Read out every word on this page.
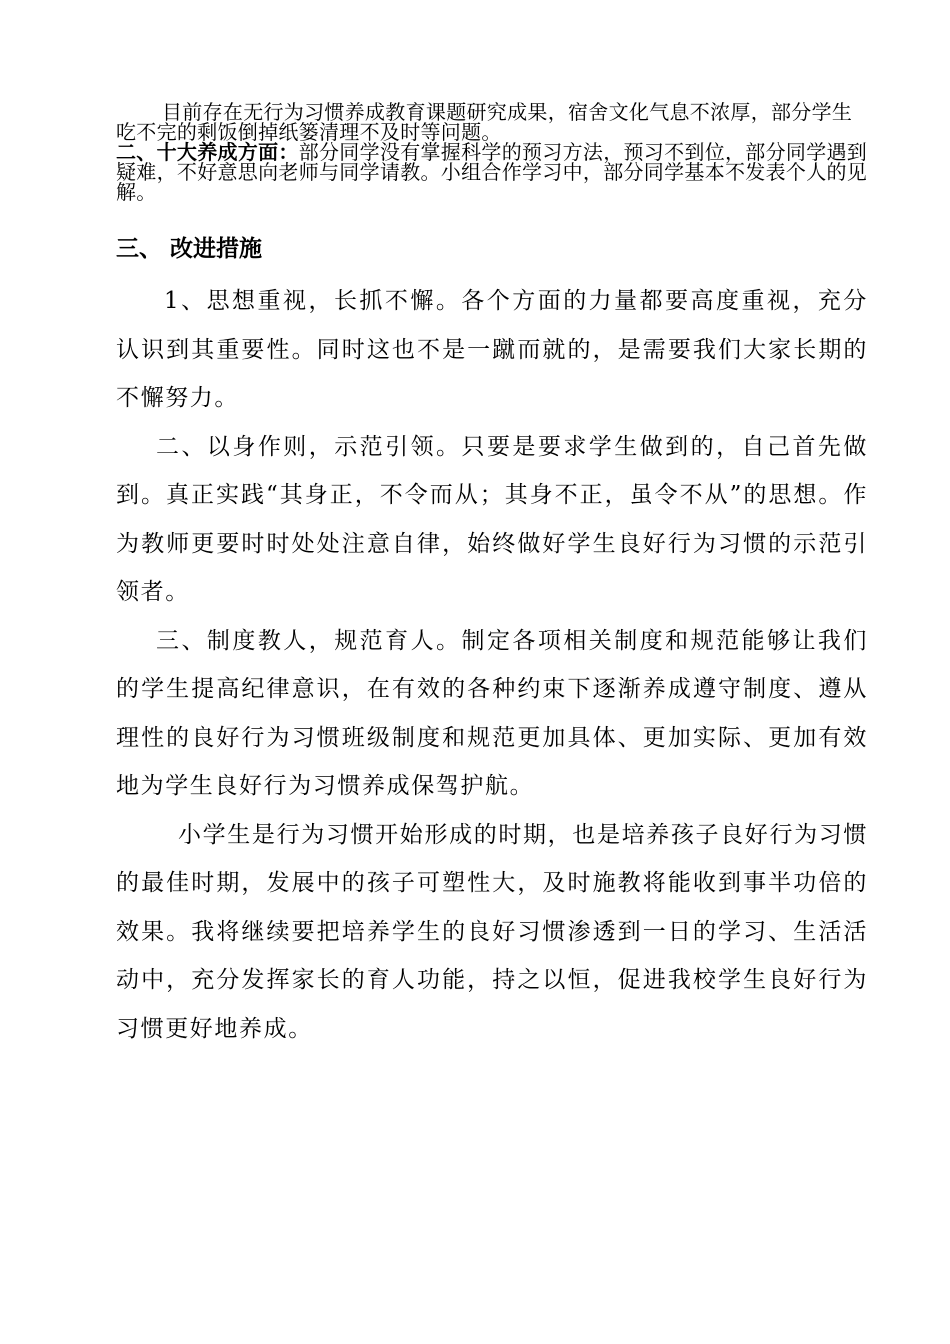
目前存在无行为习惯养成教育课题研究成果，宿舍文化气息不浓厚，部分学生吃不完的剩饭倒掉纸篓清理不及时等问题。

二、十大养成方面：部分同学没有掌握科学的预习方法，预习不到位，部分同学遇到疑难，不好意思向老师与同学请教。小组合作学习中，部分同学基本不发表个人的见解。

三、 改进措施

1、思想重视，长抓不懈。各个方面的力量都要高度重视，充分认识到其重要性。同时这也不是一蹴而就的，是需要我们大家长期的不懈努力。

二、以身作则，示范引领。只要是要求学生做到的，自己首先做到。真正实践“其身正，不令而从；其身不正，虽令不从”的思想。作为教师更要时时处处注意自律，始终做好学生良好行为习惯的示范引领者。

三、制度教人，规范育人。制定各项相关制度和规范能够让我们的学生提高纪律意识，在有效的各种约束下逐渐养成遵守制度、遵从理性的良好行为习惯班级制度和规范更加具体、更加实际、更加有效地为学生良好行为习惯养成保驾护航。

小学生是行为习惯开始形成的时期，也是培养孩子良好行为习惯的最佳时期，发展中的孩子可塑性大，及时施教将能收到事半功倍的效果。我将继续要把培养学生的良好习惯渗透到一日的学习、生活活动中，充分发挥家长的育人功能，持之以恒，促进我校学生良好行为习惯更好地养成。
